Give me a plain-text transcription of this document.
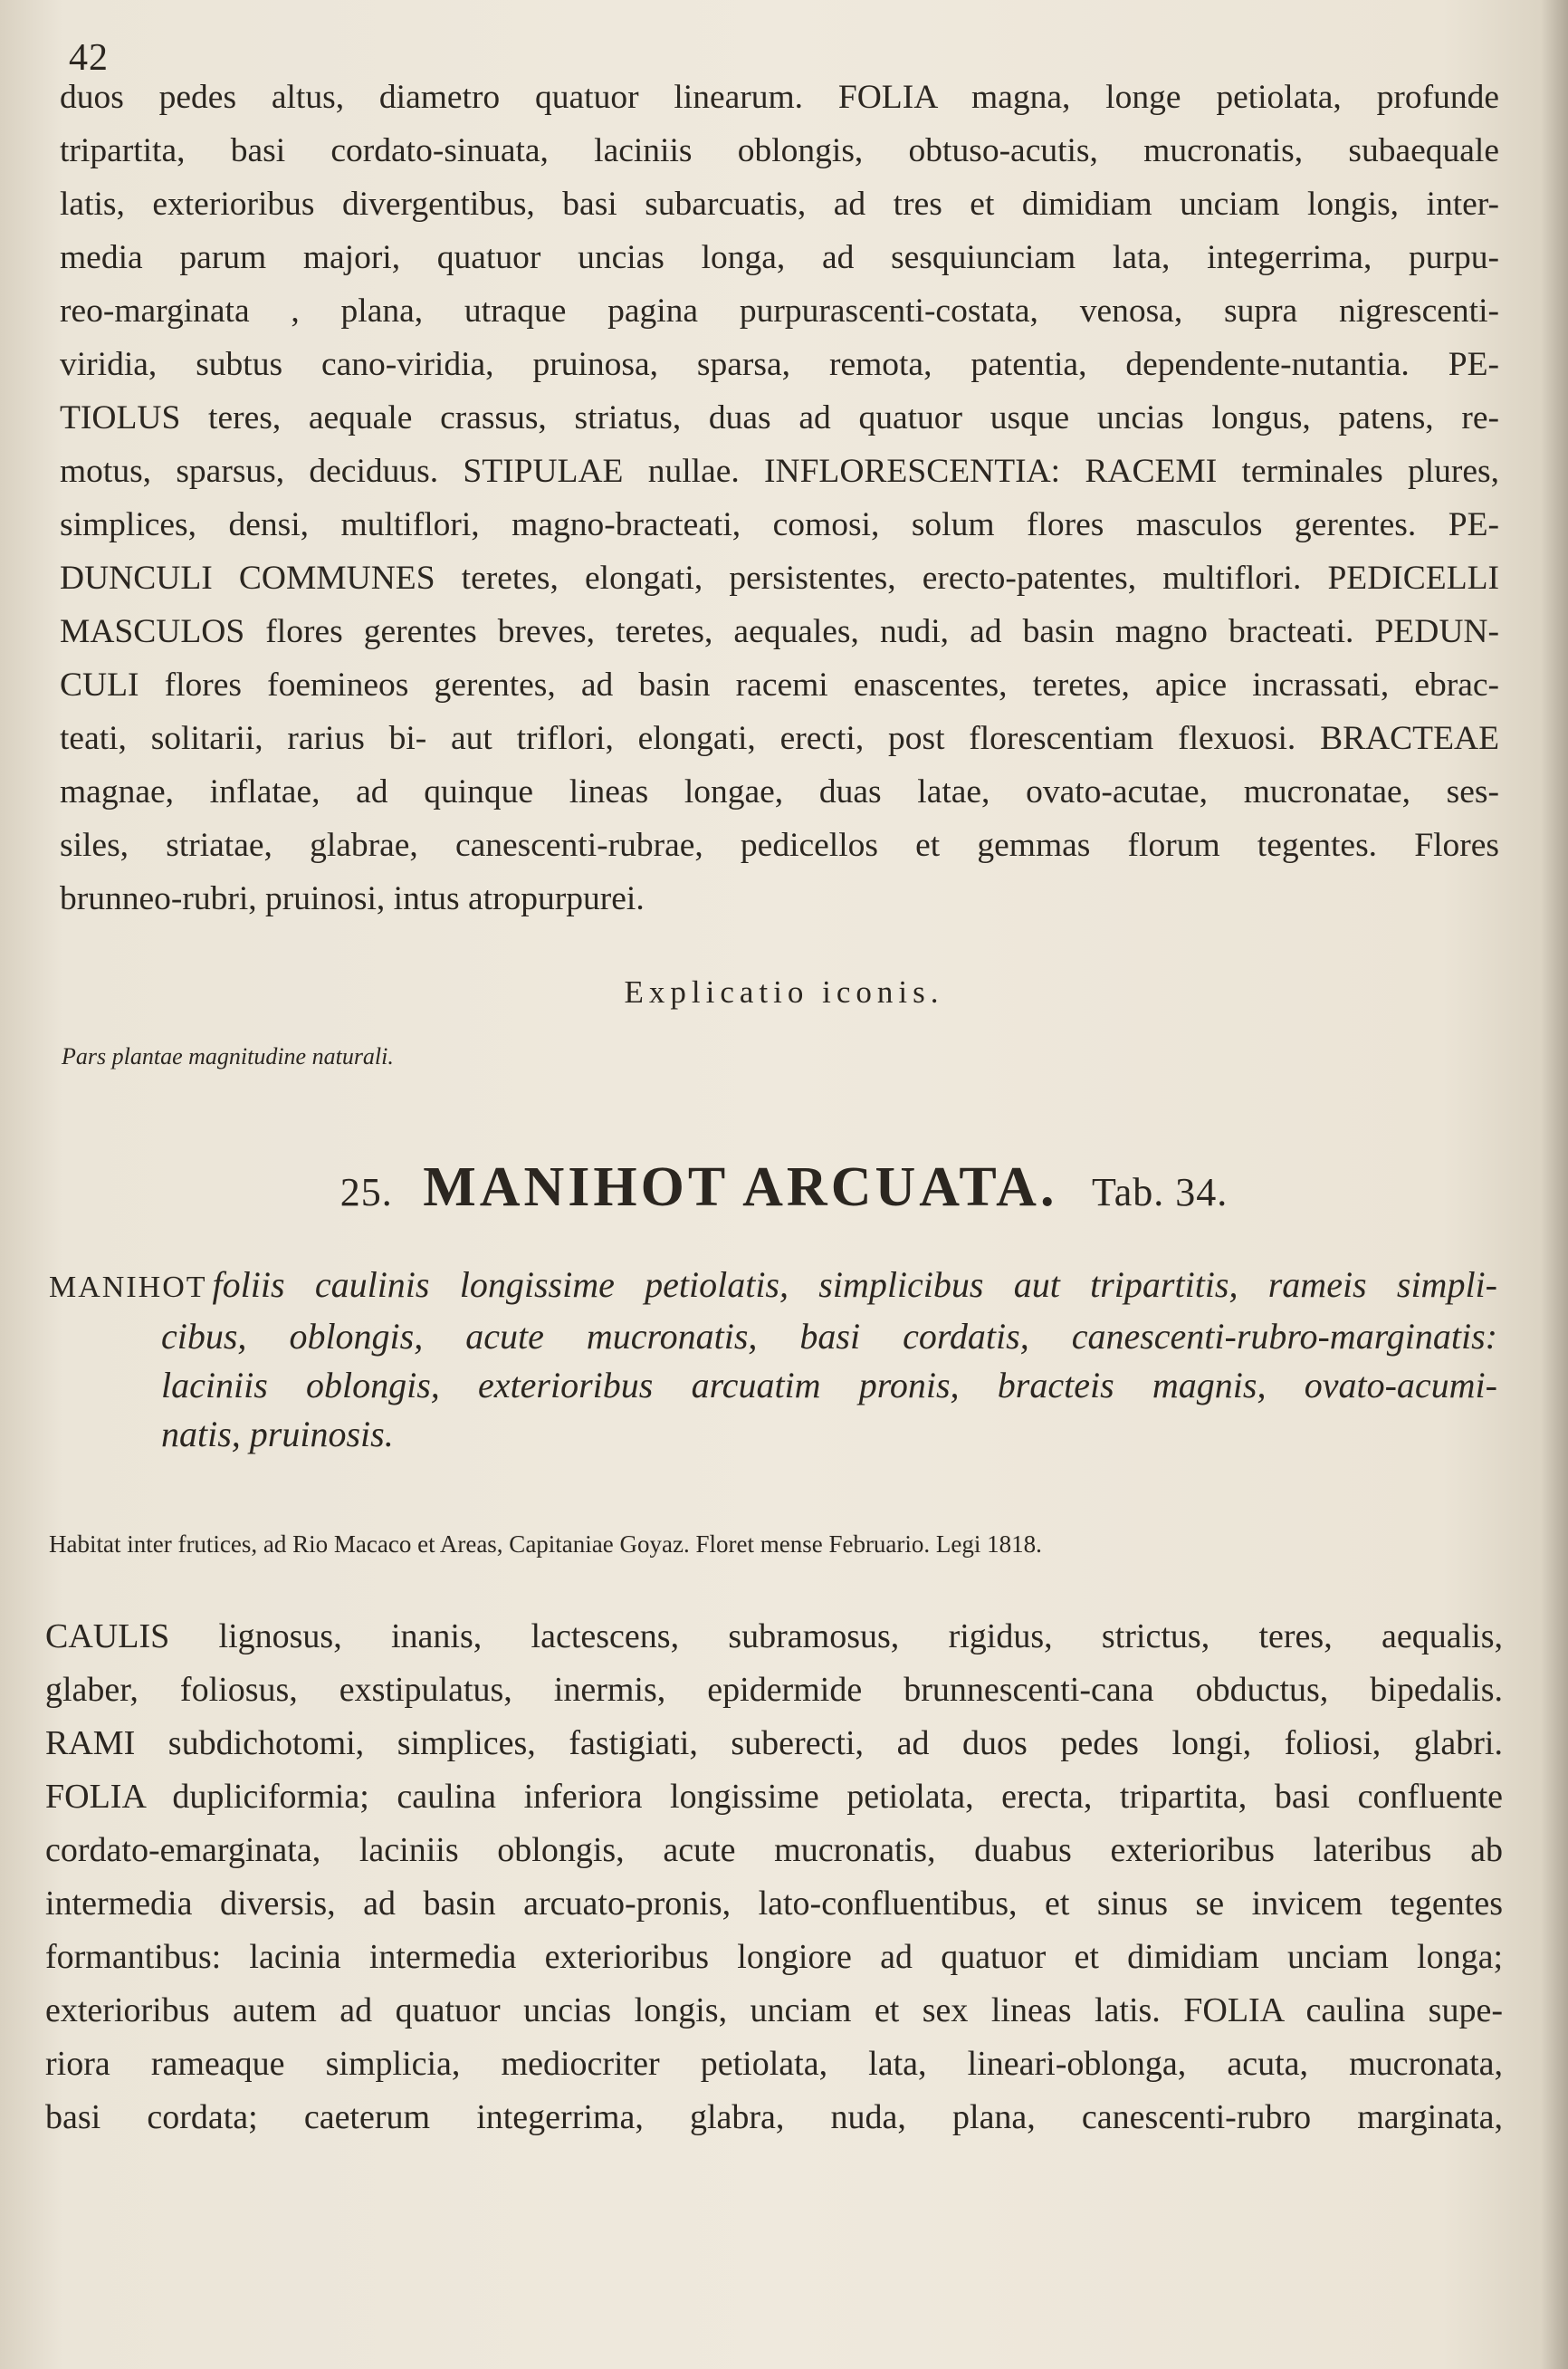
42
duos pedes altus, diametro quatuor linearum. FOLIA magna, longe petiolata, profunde
tripartita, basi cordato-sinuata, laciniis oblongis, obtuso-acutis, mucronatis, subaequale
latis, exterioribus divergentibus, basi subarcuatis, ad tres et dimidiam unciam longis, inter-
media parum majori, quatuor uncias longa, ad sesquiunciam lata, integerrima, purpu-
reo-marginata , plana, utraque pagina purpurascenti-costata, venosa, supra nigrescenti-
viridia, subtus cano-viridia, pruinosa, sparsa, remota, patentia, dependente-nutantia. PE-
TIOLUS teres, aequale crassus, striatus, duas ad quatuor usque uncias longus, patens, re-
motus, sparsus, deciduus. STIPULAE nullae. INFLORESCENTIA: RACEMI terminales plures,
simplices, densi, multiflori, magno-bracteati, comosi, solum flores masculos gerentes. PE-
DUNCULI COMMUNES teretes, elongati, persistentes, erecto-patentes, multiflori. PEDICELLI
MASCULOS flores gerentes breves, teretes, aequales, nudi, ad basin magno bracteati. PEDUN-
CULI flores foemineos gerentes, ad basin racemi enascentes, teretes, apice incrassati, ebrac-
teati, solitarii, rarius bi- aut triflori, elongati, erecti, post florescentiam flexuosi. BRACTEAE
magnae, inflatae, ad quinque lineas longae, duas latae, ovato-acutae, mucronatae, ses-
siles, striatae, glabrae, canescenti-rubrae, pedicellos et gemmas florum tegentes. Flores
brunneo-rubri, pruinosi, intus atropurpurei.
Explicatio iconis.
Pars plantae magnitudine naturali.
25. MANIHOT ARCUATA. Tab. 34.
MANIHOT foliis caulinis longissime petiolatis, simplicibus aut tripartitis, rameis simpli-
cibus, oblongis, acute mucronatis, basi cordatis, canescenti-rubro-marginatis:
laciniis oblongis, exterioribus arcuatim pronis, bracteis magnis, ovato-acumi-
natis, pruinosis.
Habitat inter frutices, ad Rio Macaco et Areas, Capitaniae Goyaz. Floret mense Februario. Legi 1818.
CAULIS lignosus, inanis, lactescens, subramosus, rigidus, strictus, teres, aequalis,
glaber, foliosus, exstipulatus, inermis, epidermide brunnescenti-cana obductus, bipedalis.
RAMI subdichotomi, simplices, fastigiati, suberecti, ad duos pedes longi, foliosi, glabri.
FOLIA dupliciformia; caulina inferiora longissime petiolata, erecta, tripartita, basi confluente
cordato-emarginata, laciniis oblongis, acute mucronatis, duabus exterioribus lateribus ab
intermedia diversis, ad basin arcuato-pronis, lato-confluentibus, et sinus se invicem tegentes
formantibus: lacinia intermedia exterioribus longiore ad quatuor et dimidiam unciam longa;
exterioribus autem ad quatuor uncias longis, unciam et sex lineas latis. FOLIA caulina supe-
riora rameaque simplicia, mediocriter petiolata, lata, lineari-oblonga, acuta, mucronata,
basi cordata; caeterum integerrima, glabra, nuda, plana, canescenti-rubro marginata,
